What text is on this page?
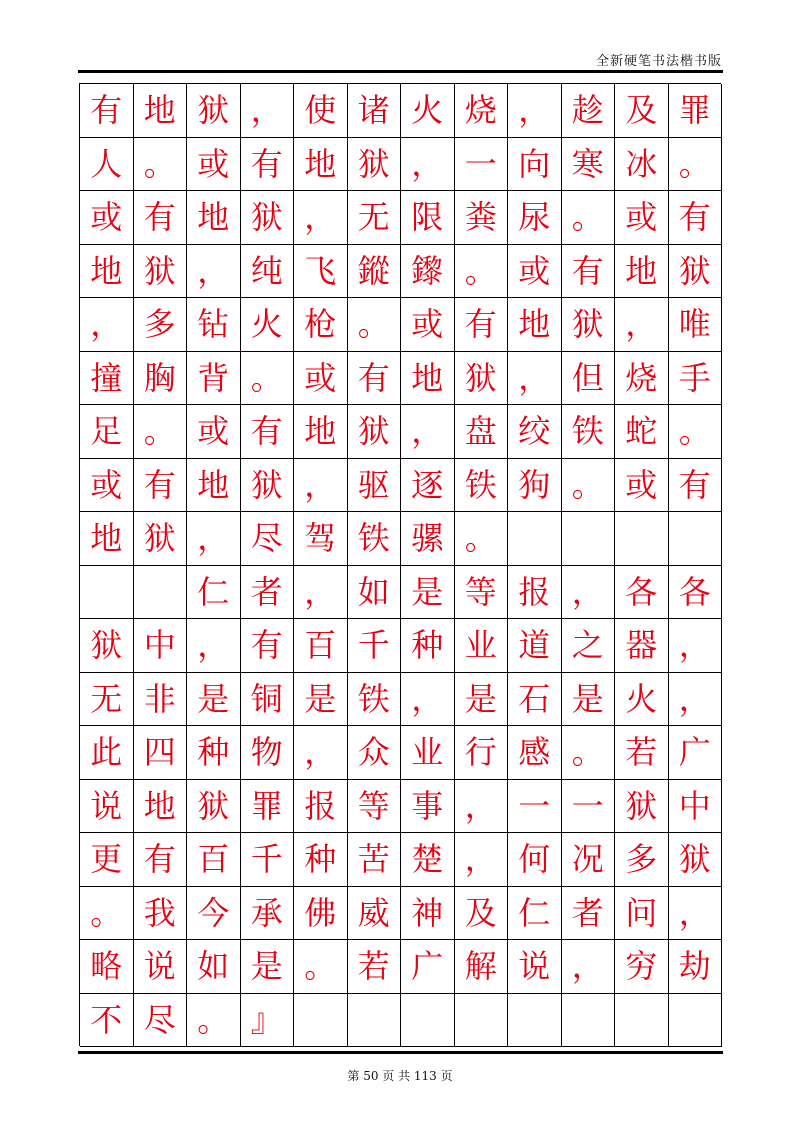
全新硬笔书法楷书版
有 地 狱 ， 使 诸 火 烧 ， 趁 及 罪
人 。 或 有 地 狱 ， 一 向 寒 冰 。
或 有 地 狱 ， 无 限 粪 尿 。 或 有
地 狱 ， 纯 飞 鏦 鑗 。 或 有 地 狱
， 多 钻 火 枪 。 或 有 地 狱 ， 唯
撞 胸 背 。 或 有 地 狱 ， 但 烧 手
足 。 或 有 地 狱 ， 盘 绞 铁 蛇 。
或 有 地 狱 ， 驱 逐 铁 狗 。 或 有
地 狱 ， 尽 驾 铁 骡 。
仁 者 ， 如 是 等 报 ， 各 各
狱 中 ， 有 百 千 种 业 道 之 器 ，
无 非 是 铜 是 铁 ， 是 石 是 火 ，
此 四 种 物 ， 众 业 行 感 。 若 广
说 地 狱 罪 报 等 事 ， 一 一 狱 中
更 有 百 千 种 苦 楚 ， 何 况 多 狱
。 我 今 承 佛 威 神 及 仁 者 问 ，
略 说 如 是 。 若 广 解 说 ， 穷 劫
不 尽 。 』
第 50 页 共 113 页
